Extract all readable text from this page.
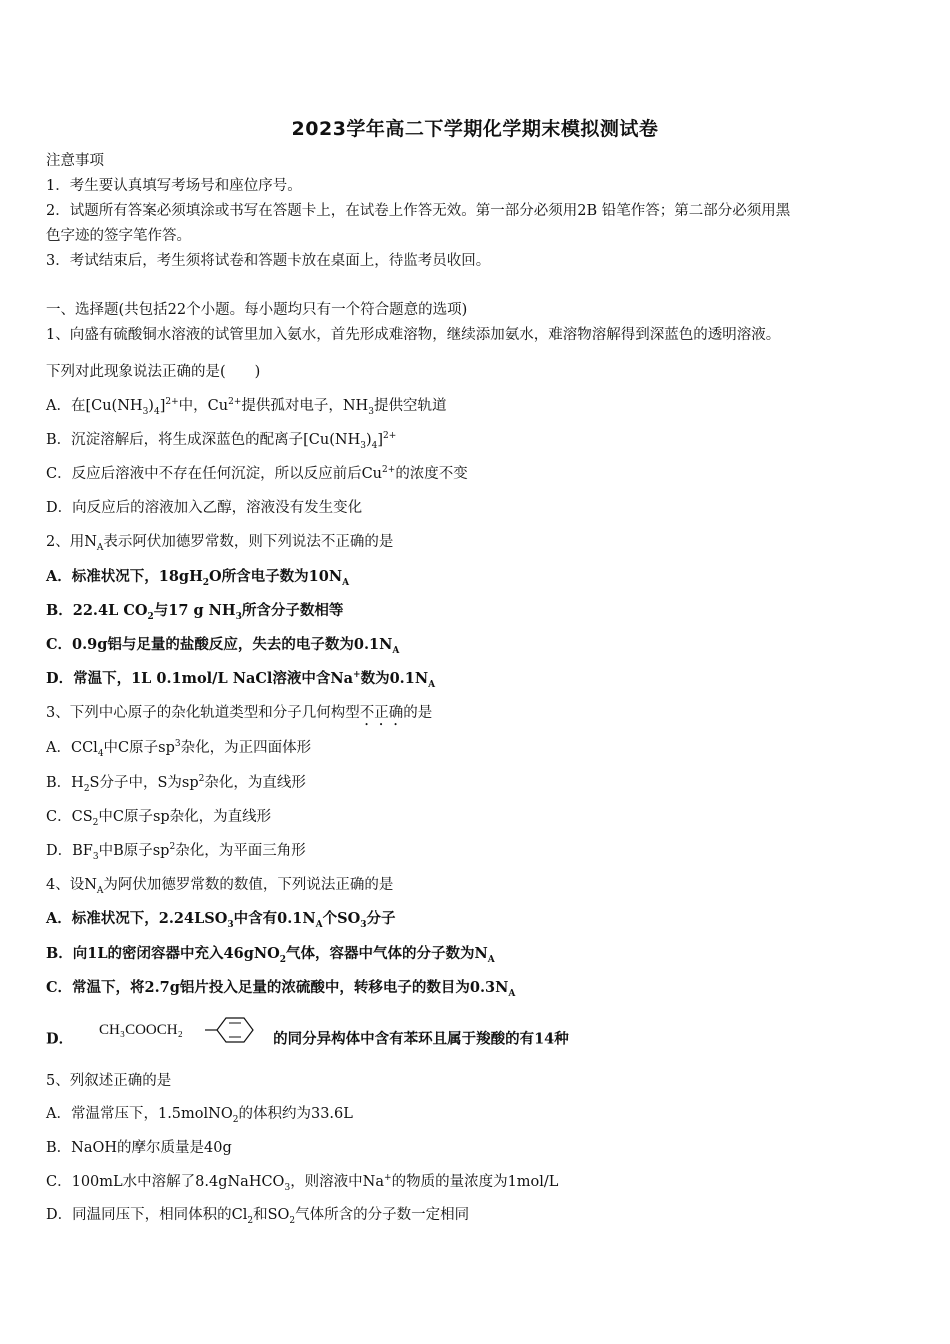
2023学年高二下学期化学期末模拟测试卷
注意事项
1．考生要认真填写考场号和座位序号。
2．试题所有答案必须填涂或书写在答题卡上，在试卷上作答无效。第一部分必须用2B 铅笔作答；第二部分必须用黑
色字迹的签字笔作答。
3．考试结束后，考生须将试卷和答题卡放在桌面上，待监考员收回。
一、选择题(共包括22个小题。每小题均只有一个符合题意的选项)
1、向盛有硫酸铜水溶液的试管里加入氨水，首先形成难溶物，继续添加氨水，难溶物溶解得到深蓝色的透明溶液。
下列对此现象说法正确的是(　　)
A．在$[Cu(NH_3)_4]^{2+}$中，$Cu^{2+}$提供孤对电子，$NH_3$提供空轨道
B．沉淀溶解后，将生成深蓝色的配离子$[Cu(NH_3)_4]^{2+}$
C．反应后溶液中不存在任何沉淀，所以反应前后$Cu^{2+}$的浓度不变
D．向反应后的溶液加入乙醇，溶液没有发生变化
2、用$N_A$表示阿伏加德罗常数，则下列说法不正确的是
A．标准状况下，$18gH_2O$所含电子数为$10N_A$
B．22.4L $CO_2$与17 g $NH_3$所含分子数相等
C．0.9g铝与足量的盐酸反应，失去的电子数为$0.1N_A$
D．常温下，1L 0.1mol/L NaCl溶液中含Na+数为$0.1N_A$
3、下列中心原子的杂化轨道类型和分子几何构型不正确的是
A．CCl$_4$中C原子$sp^3$杂化，为正四面体形
B．$H_2S$分子中，S为$sp^2$杂化，为直线形
C．$CS_2$中C原子sp杂化，为直线形
D．$BF_3$中B原子$sp^2$杂化，为平面三角形
4、设$N_A$为阿伏加德罗常数的数值，下列说法正确的是
A．标准状况下，$2.24LSO_3$中含有$0.1N_A$个$SO_3$分子
B．向1L的密闭容器中充入46gNO$_2$气体，容器中气体的分子数为$N_A$
C．常温下，将2.7g铝片投入足量的浓硫酸中，转移电子的数目为$0.3N_A$
D．
CH₃COOCH₂
的同分异构体中含有苯环且属于羧酸的有14种
5、列叙述正确的是
A．常温常压下，1.5molNO$_2$的体积约为33.6L
B．NaOH的摩尔质量是40g
C．100mL水中溶解了8.4gNaHCO$_3$，则溶液中Na+的物质的量浓度为1mol/L
D．同温同压下，相同体积的$Cl_2$和$SO_2$气体所含的分子数一定相同
